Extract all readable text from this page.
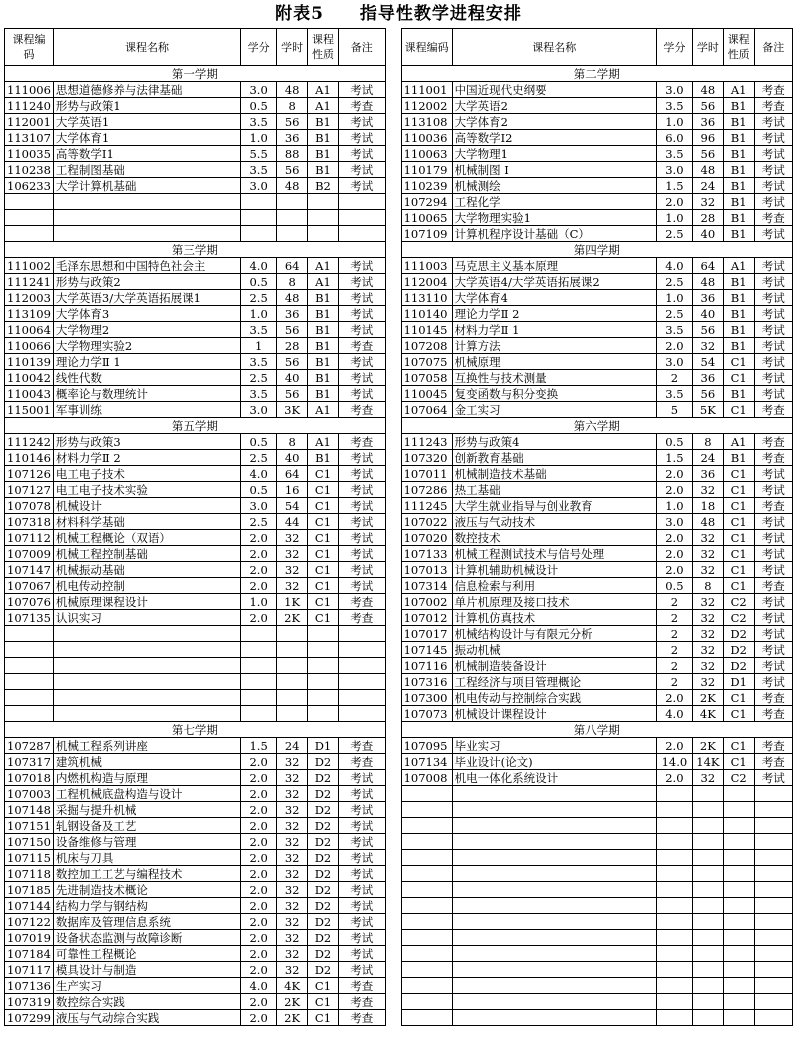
附表5　　指导性教学进程安排
课程编码	课程名称	学分	学时	课程性质	备注		课程编码	课程名称	学分	学时	课程性质	备注
第一学期							第二学期					
111006	思想道德修养与法律基础	3.0	48	A1	考试		111001	中国近现代史纲要	3.0	48	A1	考查
111240	形势与政策1	0.5	8	A1	考查		112002	大学英语2	3.5	56	B1	考查
112001	大学英语1	3.5	56	B1	考试		113108	大学体育2	1.0	36	B1	考试
113107	大学体育1	1.0	36	B1	考试		110036	高等数学I2	6.0	96	B1	考试
110035	高等数学I1	5.5	88	B1	考试		110063	大学物理1	3.5	56	B1	考试
110238	工程制图基础	3.5	56	B1	考试		110179	机械制图 I	3.0	48	B1	考试
106233	大学计算机基础	3.0	48	B2	考试		110239	机械测绘	1.5	24	B1	考试
							107294	工程化学	2.0	32	B1	考试
							110065	大学物理实验1	1.0	28	B1	考查
							107109	计算机程序设计基础（C）	2.5	40	B1	考试
第三学期							第四学期					
111002	毛泽东思想和中国特色社会主	4.0	64	A1	考试		111003	马克思主义基本原理	4.0	64	A1	考试
111241	形势与政策2	0.5	8	A1	考试		112004	大学英语4/大学英语拓展课2	2.5	48	B1	考试
112003	大学英语3/大学英语拓展课1	2.5	48	B1	考试		113110	大学体育4	1.0	36	B1	考试
113109	大学体育3	1.0	36	B1	考试		110140	理论力学Ⅱ 2	2.5	40	B1	考试
110064	大学物理2	3.5	56	B1	考试		110145	材料力学Ⅱ 1	3.5	56	B1	考试
110066	大学物理实验2	1	28	B1	考查		107208	计算方法	2.0	32	B1	考试
110139	理论力学Ⅱ 1	3.5	56	B1	考试		107075	机械原理	3.0	54	C1	考试
110042	线性代数	2.5	40	B1	考试		107058	互换性与技术测量	2	36	C1	考试
110043	概率论与数理统计	3.5	56	B1	考试		110045	复变函数与积分变换	3.5	56	B1	考试
115001	军事训练	3.0	3K	A1	考查		107064	金工实习	5	5K	C1	考查
第五学期							第六学期					
111242	形势与政策3	0.5	8	A1	考查		111243	形势与政策4	0.5	8	A1	考查
110146	材料力学Ⅱ 2	2.5	40	B1	考试		107320	创新教育基础	1.5	24	B1	考查
107126	电工电子技术	4.0	64	C1	考试		107011	机械制造技术基础	2.0	36	C1	考试
107127	电工电子技术实验	0.5	16	C1	考试		107286	热工基础	2.0	32	C1	考试
107078	机械设计	3.0	54	C1	考试		111245	大学生就业指导与创业教育	1.0	18	C1	考查
107318	材料科学基础	2.5	44	C1	考试		107022	液压与气动技术	3.0	48	C1	考试
107112	机械工程概论（双语）	2.0	32	C1	考试		107020	数控技术	2.0	32	C1	考试
107009	机械工程控制基础	2.0	32	C1	考试		107133	机械工程测试技术与信号处理	2.0	32	C1	考试
107147	机械振动基础	2.0	32	C1	考试		107013	计算机辅助机械设计	2.0	32	C1	考试
107067	机电传动控制	2.0	32	C1	考试		107314	信息检索与利用	0.5	8	C1	考查
107076	机械原理课程设计	1.0	1K	C1	考查		107002	单片机原理及接口技术	2	32	C2	考试
107135	认识实习	2.0	2K	C1	考查		107012	计算机仿真技术	2	32	C2	考试
							107017	机械结构设计与有限元分析	2	32	D2	考试
							107145	振动机械	2	32	D2	考试
							107116	机械制造装备设计	2	32	D2	考试
							107316	工程经济与项目管理概论	2	32	D1	考试
							107300	机电传动与控制综合实践	2.0	2K	C1	考查
							107073	机械设计课程设计	4.0	4K	C1	考查
第七学期							第八学期					
107287	机械工程系列讲座	1.5	24	D1	考查		107095	毕业实习	2.0	2K	C1	考查
107317	建筑机械	2.0	32	D2	考查		107134	毕业设计(论文)	14.0	14K	C1	考查
107018	内燃机构造与原理	2.0	32	D2	考试		107008	机电一体化系统设计	2.0	32	C2	考试
107003	工程机械底盘构造与设计	2.0	32	D2	考试							
107148	采掘与提升机械	2.0	32	D2	考试							
107151	轧钢设备及工艺	2.0	32	D2	考试							
107150	设备维修与管理	2.0	32	D2	考试							
107115	机床与刀具	2.0	32	D2	考试							
107118	数控加工工艺与编程技术	2.0	32	D2	考试							
107185	先进制造技术概论	2.0	32	D2	考试							
107144	结构力学与钢结构	2.0	32	D2	考试							
107122	数据库及管理信息系统	2.0	32	D2	考试							
107019	设备状态监测与故障诊断	2.0	32	D2	考试							
107184	可靠性工程概论	2.0	32	D2	考试							
107117	模具设计与制造	2.0	32	D2	考试							
107136	生产实习	4.0	4K	C1	考查							
107319	数控综合实践	2.0	2K	C1	考查							
107299	液压与气动综合实践	2.0	2K	C1	考查							
